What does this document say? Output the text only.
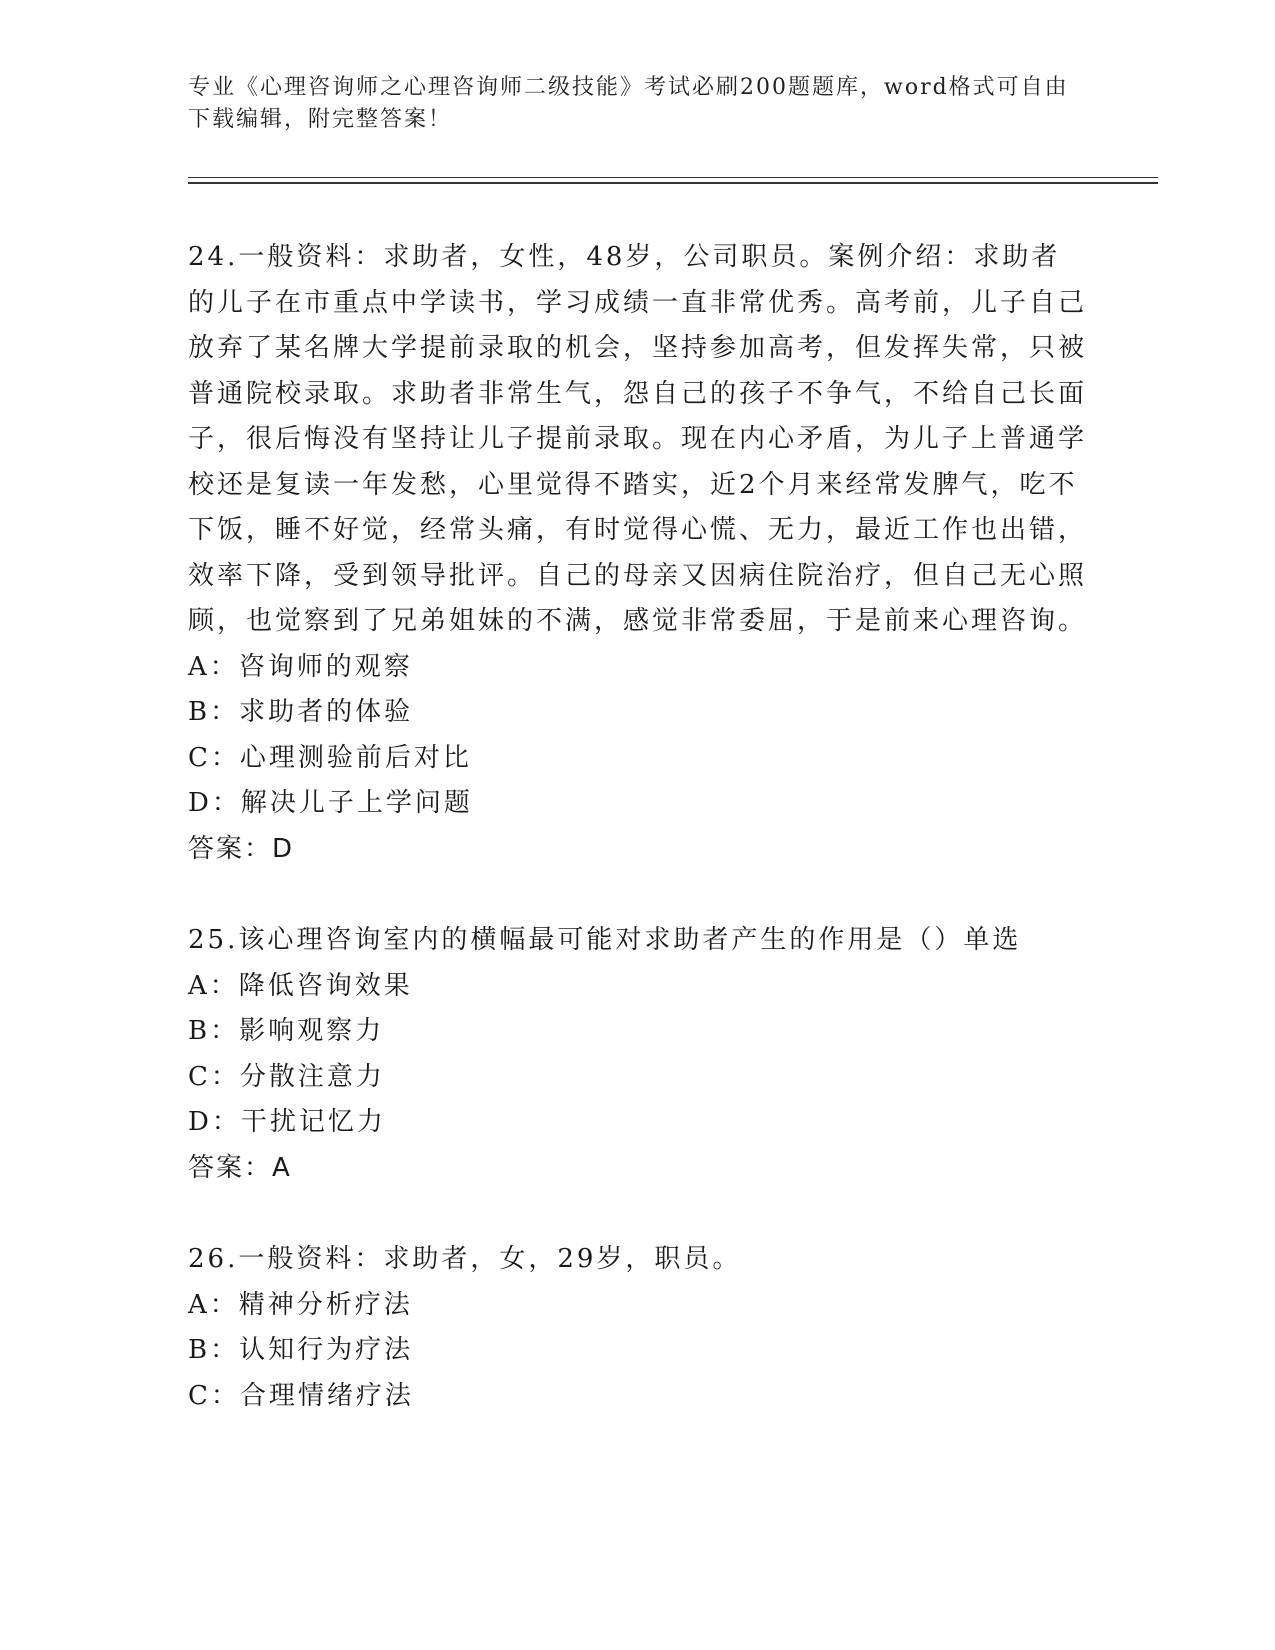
专业《心理咨询师之心理咨询师二级技能》考试必刷200题题库，word格式可自由下载编辑，附完整答案！

24.一般资料：求助者，女性，48岁，公司职员。案例介绍：求助者的儿子在市重点中学读书，学习成绩一直非常优秀。高考前，儿子自己放弃了某名牌大学提前录取的机会，坚持参加高考，但发挥失常，只被普通院校录取。求助者非常生气，怨自己的孩子不争气，不给自己长面子，很后悔没有坚持让儿子提前录取。现在内心矛盾，为儿子上普通学校还是复读一年发愁，心里觉得不踏实，近2个月来经常发脾气，吃不下饭，睡不好觉，经常头痛，有时觉得心慌、无力，最近工作也出错，效率下降，受到领导批评。自己的母亲又因病住院治疗，但自己无心照顾，也觉察到了兄弟姐妹的不满，感觉非常委屈，于是前来心理咨询。

A：咨询师的观察

B：求助者的体验

C：心理测验前后对比

D：解决儿子上学问题

答案：D

25.该心理咨询室内的横幅最可能对求助者产生的作用是（）单选

A：降低咨询效果

B：影响观察力

C：分散注意力

D：干扰记忆力

答案：A

26.一般资料：求助者，女，29岁，职员。

A：精神分析疗法

B：认知行为疗法

C：合理情绪疗法
